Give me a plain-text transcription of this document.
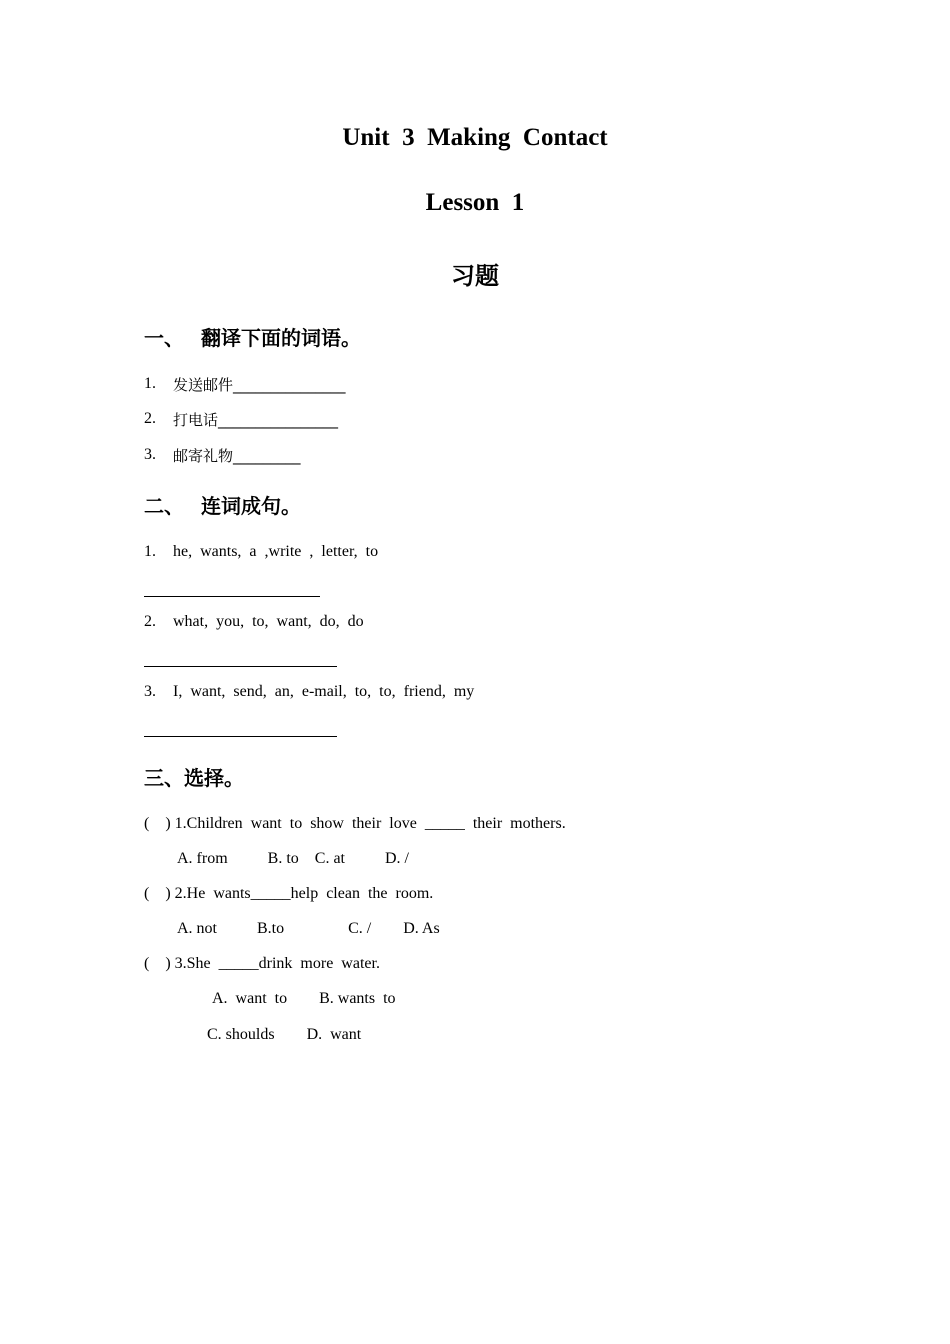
Unit  3  Making  Contact
Lesson  1
习题
一、 翻译下面的词语。
1. 发送邮件_______________
2. 打电话________________
3. 邮寄礼物_________
二、 连词成句。
1. he,  wants,  a  ,write  ,  letter,  to
2. what,  you,  to,  want,  do,  do
3. I,  want,  send,  an,  e-mail,  to,  to,  friend,  my
三、选择。
(    ) 1.Children  want  to  show  their  love  _____  their  mothers.
A. from          B. to    C. at          D. /
(    ) 2.He  wants_____help  clean  the  room.
A. not          B.to                C. /        D. As
(    ) 3.She  _____drink  more  water.
A.  want  to        B. wants  to
C. shoulds        D.  want
